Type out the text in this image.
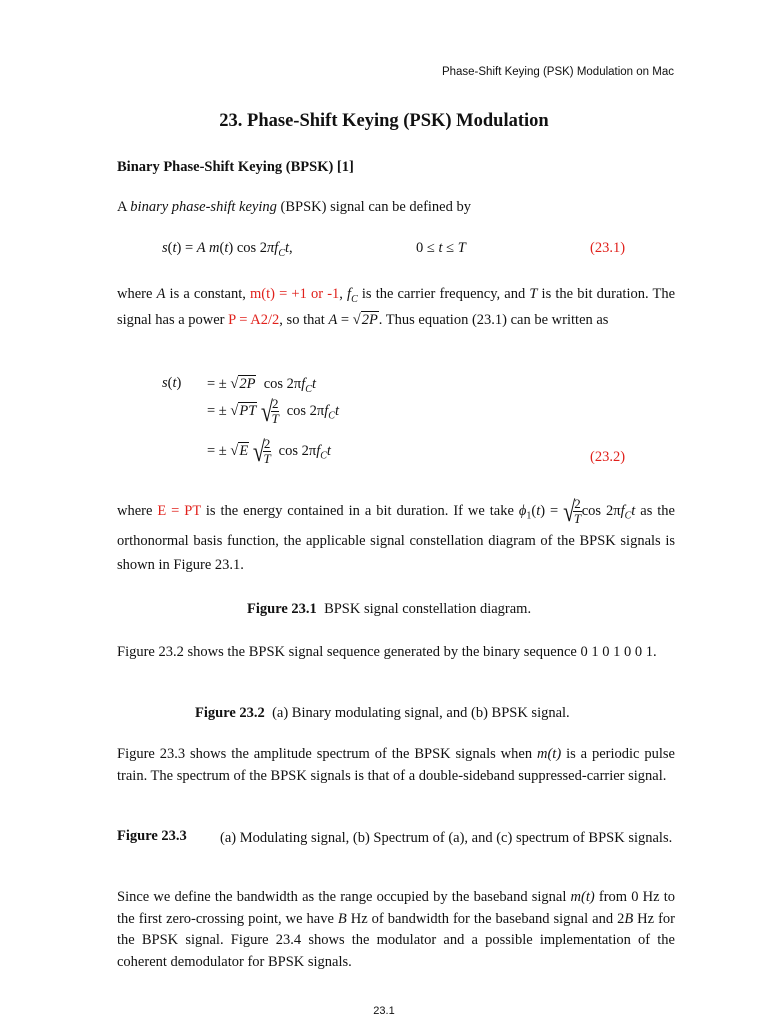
Phase-Shift Keying (PSK) Modulation on Mac
23. Phase-Shift Keying (PSK) Modulation
Binary Phase-Shift Keying (BPSK) [1]
A binary phase-shift keying (BPSK) signal can be defined by
s(t) = A m(t) $\cos 2\pi f_Ct$,	0 ≤ t ≤ T	(23.1)
where A is a constant, m(t) = +1 or -1, $f_C$ is the carrier frequency, and T is the bit duration. The signal has a power P = A2/2, so that A = √2P. Thus equation (23.1) can be written as
s(t) = ± √2P  $\cos 2\pi f_Ct$
= ± √PT √
$\frac{2}{T}$ $\cos 2\pi f_Ct$
= ± √E √
$\frac{2}{T}$ $\cos 2\pi f_Ct$	(23.2)
where E = PT is the energy contained in a bit duration. If we take $\phi_1(t)$ = √
$\frac{2}{T}$ $\cos 2\pi f_Ct$ as the orthonormal basis function, the applicable signal constellation diagram of the BPSK signals is shown in Figure 23.1.
Figure 23.1 BPSK signal constellation diagram.
Figure 23.2 shows the BPSK signal sequence generated by the binary sequence 0 1 0 1 0 0 1.
Figure 23.2 (a) Binary modulating signal, and (b) BPSK signal.
Figure 23.3 shows the amplitude spectrum of the BPSK signals when m(t) is a periodic pulse train. The spectrum of the BPSK signals is that of a double-sideband suppressed-carrier signal.
Figure 23.3 (a) Modulating signal, (b) Spectrum of (a), and (c) spectrum of BPSK signals.
Since we define the bandwidth as the range occupied by the baseband signal m(t) from 0 Hz to the first zero-crossing point, we have B Hz of bandwidth for the baseband signal and 2B Hz for the BPSK signal. Figure 23.4 shows the modulator and a possible implementation of the coherent demodulator for BPSK signals.
23.1
